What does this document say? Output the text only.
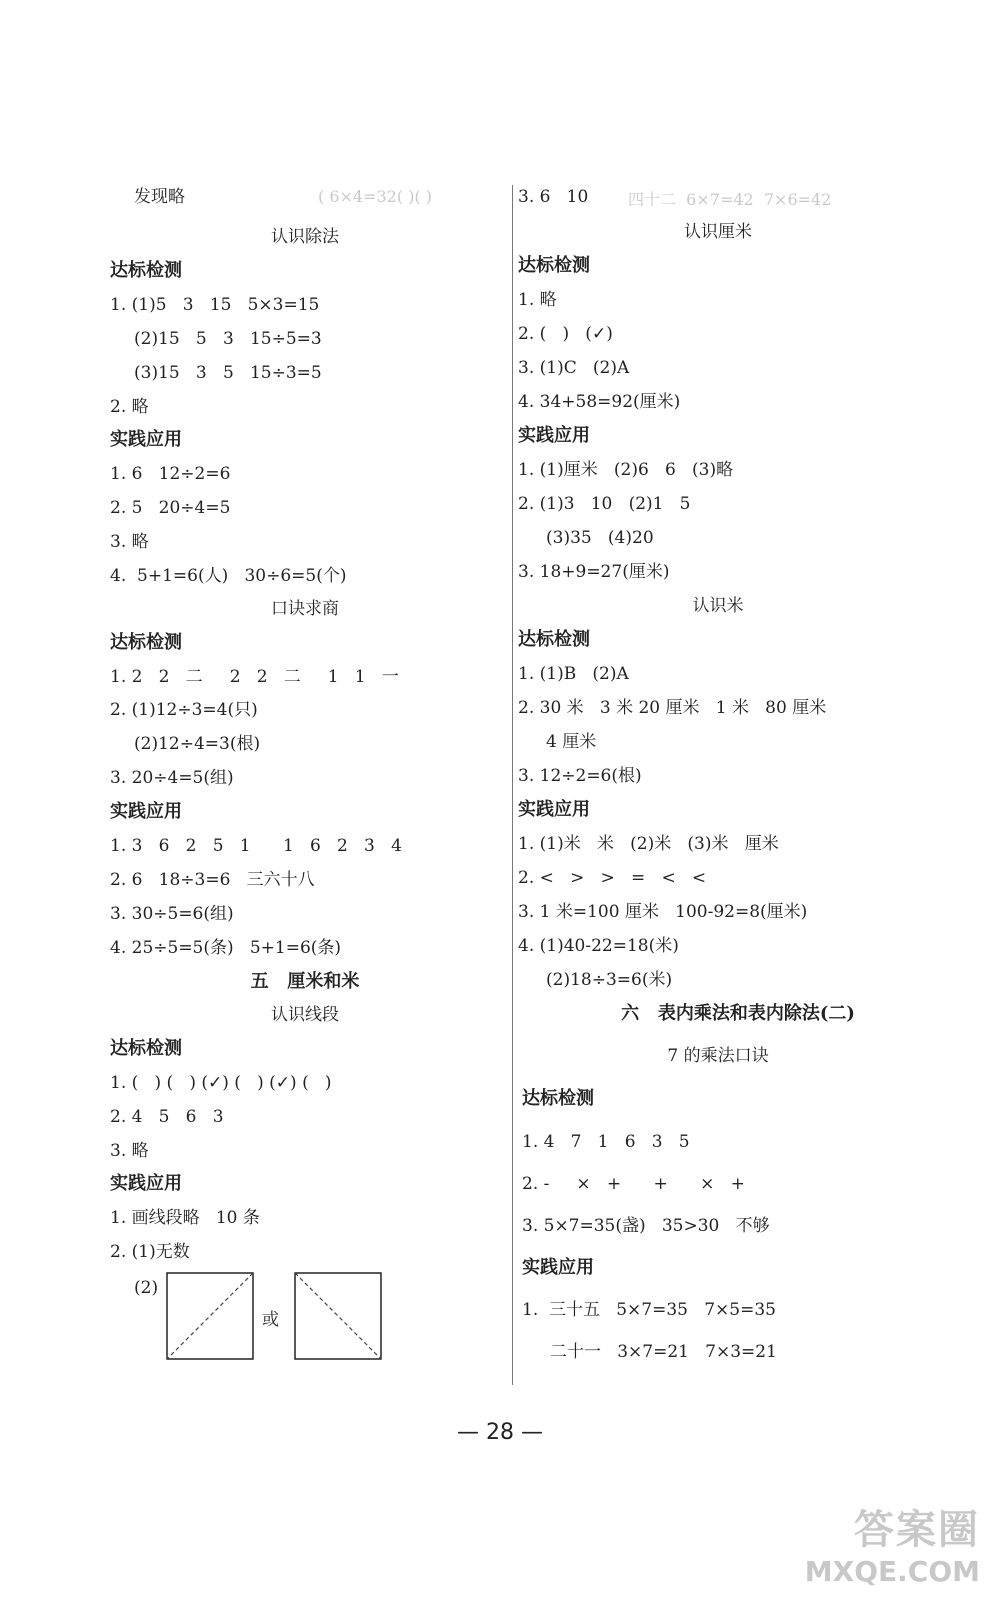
( 6×4=32( )( )	四十二  6×7=42  7×6=42
发现略
认识除法
达标检测
1. (1)5   3   15   5×3=15
(2)15   5   3   15÷5=3
(3)15   3   5   15÷3=5
2. 略
实践应用
1. 6   12÷2=6
2. 5   20÷4=5
3. 略
4.  5+1=6(人)   30÷6=5(个)
口诀求商
达标检测
1. 2   2   二     2   2   二     1   1   一
2. (1)12÷3=4(只)
(2)12÷4=3(根)
3. 20÷4=5(组)
实践应用
1. 3   6   2   5   1      1   6   2   3   4
2. 6   18÷3=6   三六十八
3. 30÷5=6(组)
4. 25÷5=5(条)   5+1=6(条)
五   厘米和米
认识线段
达标检测
1. (   ) (   ) (✓) (   ) (✓) (   )
2. 4   5   6   3
3. 略
实践应用
1. 画线段略   10 条
2. (1)无数
(2)
或
3. 6   10
认识厘米
达标检测
1. 略
2. (   )   (✓)
3. (1)C   (2)A
4. 34+58=92(厘米)
实践应用
1. (1)厘米   (2)6   6   (3)略
2. (1)3   10   (2)1   5
(3)35   (4)20
3. 18+9=27(厘米)
认识米
达标检测
1. (1)B   (2)A
2. 30 米   3 米 20 厘米   1 米   80 厘米
4 厘米
3. 12÷2=6(根)
实践应用
1. (1)米   米   (2)米   (3)米   厘米
2. <   >   >   =   <   <
3. 1 米=100 厘米   100-92=8(厘米)
4. (1)40-22=18(米)
(2)18÷3=6(米)
六   表内乘法和表内除法(二)
7 的乘法口诀
达标检测
1. 4   7   1   6   3   5
2. -     ×   +      +      ×   +
3. 5×7=35(盏)   35>30   不够
实践应用
1.  三十五   5×7=35   7×5=35
二十一   3×7=21   7×3=21
— 28 —
答案圈
MXQE.COM
